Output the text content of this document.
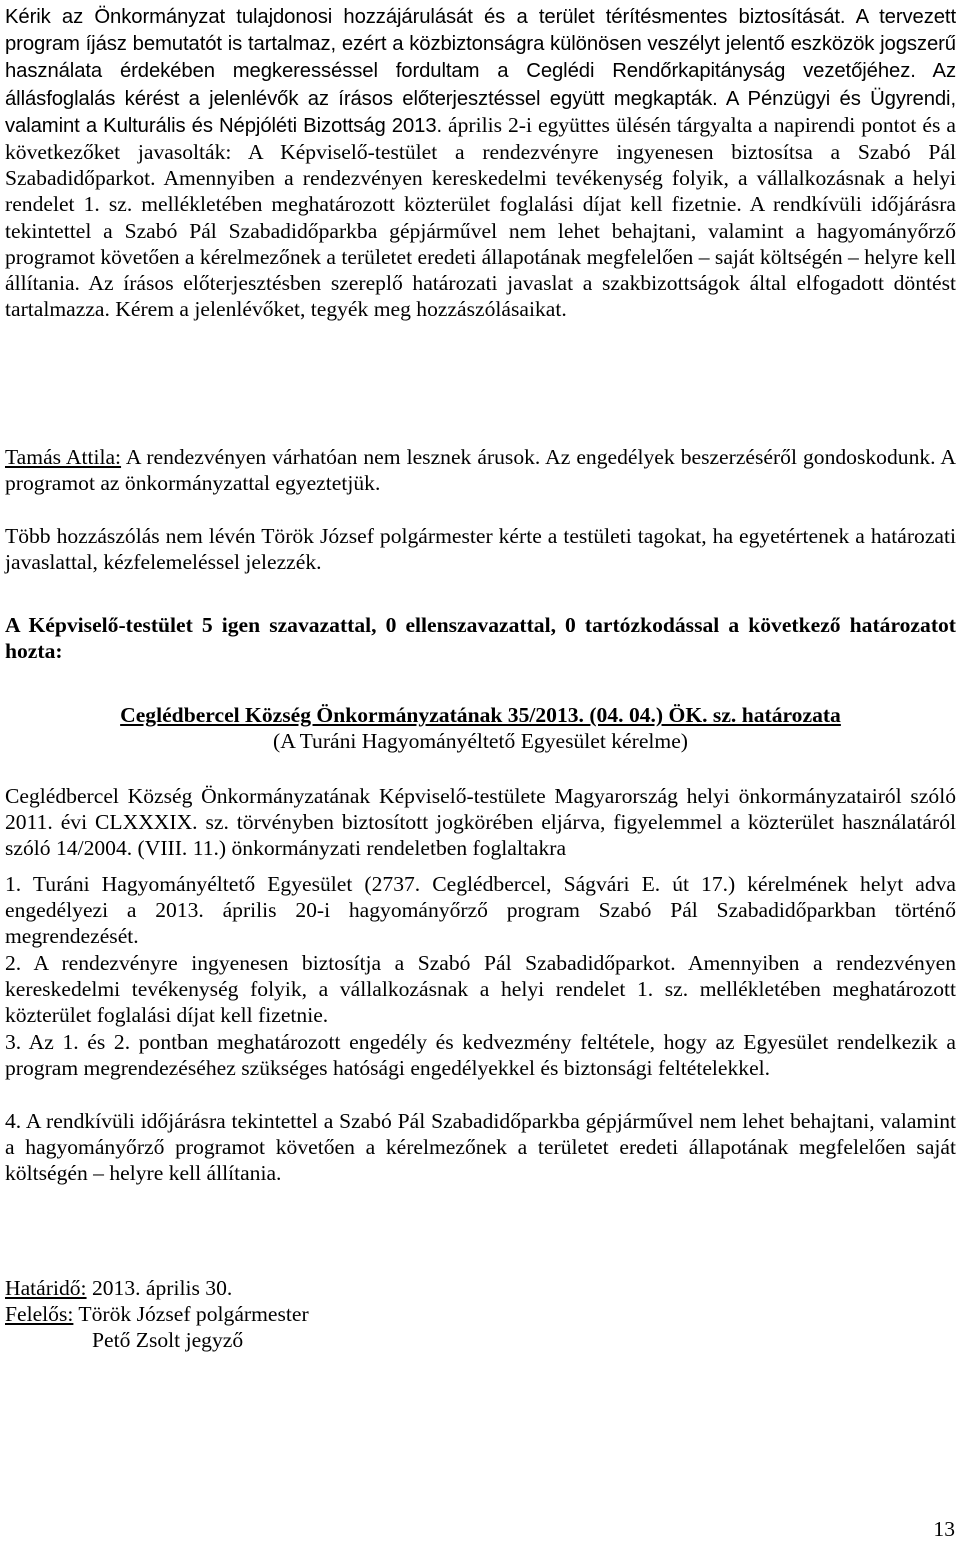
Kérik az Önkormányzat tulajdonosi hozzájárulását és a terület térítésmentes biztosítását. A tervezett program íjász bemutatót is tartalmaz, ezért a közbiztonságra különösen veszélyt jelentő eszközök jogszerű használata érdekében megkeresséssel fordultam a Ceglédi Rendőrkapitányság vezetőjéhez. Az állásfoglalás kérést a jelenlévők az írásos előterjesztéssel együtt megkapták. A Pénzügyi és Ügyrendi, valamint a Kulturális és Népjóléti Bizottság 2013. április 2-i együttes ülésén tárgyalta a napirendi pontot és a következőket javasolták: A Képviselő-testület a rendezvényre ingyenesen biztosítsa a Szabó Pál Szabadidőparkot. Amennyiben a rendezvényen kereskedelmi tevékenység folyik, a vállalkozásnak a helyi rendelet 1. sz. mellékletében meghatározott közterület foglalási díjat kell fizetnie. A rendkívüli időjárásra tekintettel a Szabó Pál Szabadidőparkba gépjárművel nem lehet behajtani, valamint a hagyományőrző programot követően a kérelmezőnek a területet eredeti állapotának megfelelően – saját költségén – helyre kell állítania. Az írásos előterjesztésben szereplő határozati javaslat a szakbizottságok által elfogadott döntést tartalmazza. Kérem a jelenlévőket, tegyék meg hozzászólásaikat.

Tamás Attila: A rendezvényen várhatóan nem lesznek árusok. Az engedélyek beszerzéséről gondoskodunk. A programot az önkormányzattal egyeztetjük.

Több hozzászólás nem lévén Török József polgármester kérte a testületi tagokat, ha egyetértenek a határozati javaslattal, kézfelemeléssel jelezzék.

A Képviselő-testület 5 igen szavazattal, 0 ellenszavazattal, 0 tartózkodással a következő határozatot hozta:

Ceglédbercel Község Önkormányzatának 35/2013. (04. 04.) ÖK. sz. határozata

(A Turáni Hagyományéltető Egyesület kérelme)

Ceglédbercel Község Önkormányzatának Képviselő-testülete Magyarország helyi önkormányzatairól szóló 2011. évi CLXXXIX. sz. törvényben biztosított jogkörében eljárva, figyelemmel a közterület használatáról szóló 14/2004. (VIII. 11.) önkormányzati rendeletben foglaltakra

1. Turáni Hagyományéltető Egyesület (2737. Ceglédbercel, Ságvári E. út 17.) kérelmének helyt adva engedélyezi a 2013. április 20-i hagyományőrző program Szabó Pál Szabadidőparkban történő megrendezését.

2. A rendezvényre ingyenesen biztosítja a Szabó Pál Szabadidőparkot. Amennyiben a rendezvényen kereskedelmi tevékenység folyik, a vállalkozásnak a helyi rendelet 1. sz. mellékletében meghatározott közterület foglalási díjat kell fizetnie.

3. Az 1. és 2. pontban meghatározott engedély és kedvezmény feltétele, hogy az Egyesület rendelkezik a program megrendezéséhez szükséges hatósági engedélyekkel és biztonsági feltételekkel.

4. A rendkívüli időjárásra tekintettel a Szabó Pál Szabadidőparkba gépjárművel nem lehet behajtani, valamint a hagyományőrző programot követően a kérelmezőnek a területet eredeti állapotának megfelelően saját költségén – helyre kell állítania.

Határidő: 2013. április 30.

Felelős: Török József polgármester

Pető Zsolt jegyző

13
